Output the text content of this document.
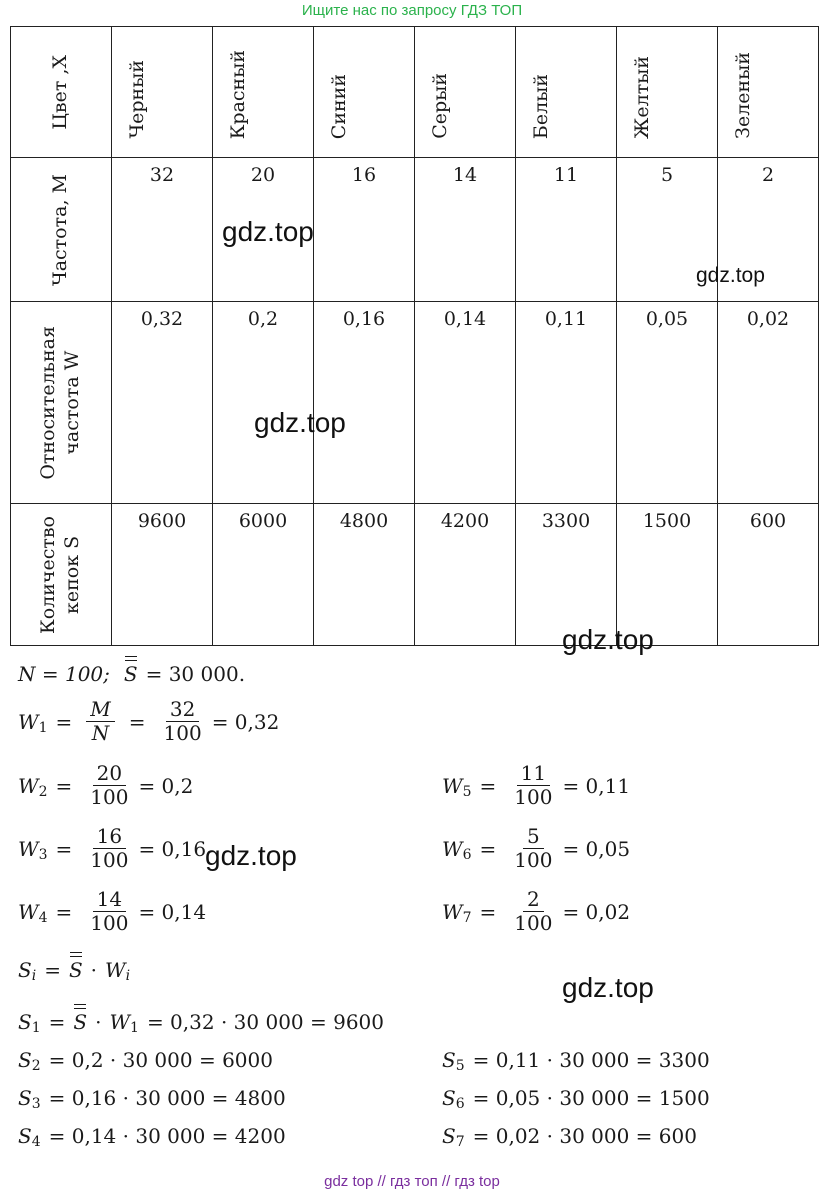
Ищите нас по запросу ГДЗ ТОП
Цвет ,X	Черный	Красный	Синий	Серый	Белый	Желтый	Зеленый

Частота, M	32	20	16	14	11	5	2

Относительная
частота W	0,32	0,2	0,16	0,14	0,11	0,05	0,02

Количество
кепок S	9600	6000	4800	4200	3300	1500	600
gdz.top
gdz.top
gdz.top
gdz.top
gdz.top
gdz.top
N = 100; S = 30 000.
W $1 = \frac{M}{N} = \frac{32}{100} = 0,32$
W $2 = \frac{20}{100} = 0,2$
W $3 = \frac{16}{100} = 0,16$
W $4 = \frac{14}{100} = 0,14$
W $5 = \frac{11}{100} = 0,11$
W $6 = \frac{5}{100} = 0,05$
W $7 = \frac{2}{100} = 0,02$
S i = S · W i
S 1 = S · W 1 = 0,32 · 30 000 = 9600
S 2 = 0,2 · 30 000 = 6000
S 3 = 0,16 · 30 000 = 4800
S 4 = 0,14 · 30 000 = 4200
S 5 = 0,11 · 30 000 = 3300
S 6 = 0,05 · 30 000 = 1500
S 7 = 0,02 · 30 000 = 600
gdz top // гдз топ // гдз top
